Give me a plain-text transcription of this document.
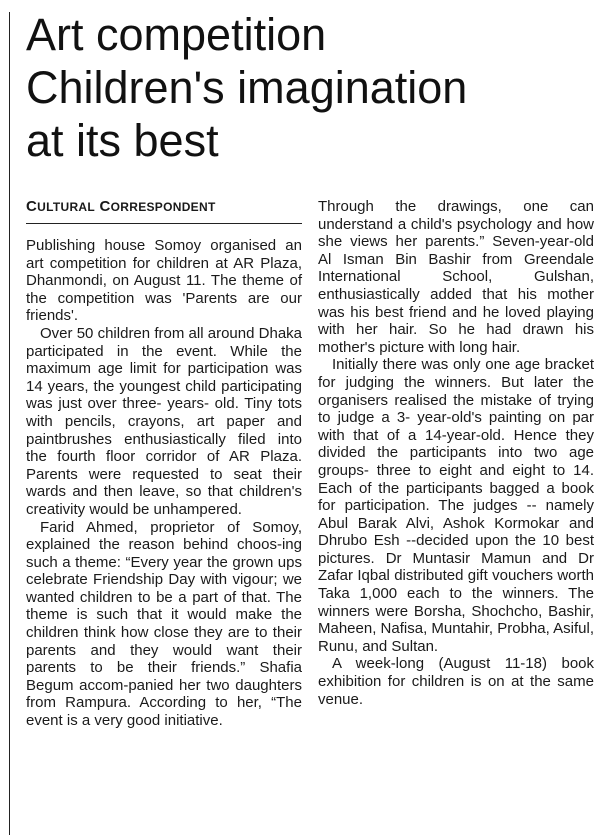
Art competition
Children's imagination
at its best
CULTURAL CORRESPONDENT

Publishing house Somoy organised an art competition for children at AR Plaza, Dhanmondi, on August 11. The theme of the competition was 'Parents are our friends'.

Over 50 children from all around Dhaka participated in the event. While the maximum age limit for participation was 14 years, the youngest child participating was just over three- years- old. Tiny tots with pencils, crayons, art paper and paintbrushes enthusiastically filed into the fourth floor corridor of AR Plaza. Parents were requested to seat their wards and then leave, so that children's creativity would be unhampered.

Farid Ahmed, proprietor of Somoy, explained the reason behind choos-ing such a theme: “Every year the grown ups celebrate Friendship Day with vigour; we wanted children to be a part of that. The theme is such that it would make the children think how close they are to their parents and they would want their parents to be their friends.” Shafia Begum accom-panied her two daughters from Rampura. According to her, “The event is a very good initiative.

Through the drawings, one can understand a child's psychology and how she views her parents.” Seven-year-old Al Isman Bin Bashir from Greendale International School, Gulshan, enthusiastically added that his mother was his best friend and he loved playing with her hair. So he had drawn his mother's picture with long hair.

Initially there was only one age bracket for judging the winners. But later the organisers realised the mistake of trying to judge a 3- year-old's painting on par with that of a 14-year-old. Hence they divided the participants into two age groups- three to eight and eight to 14. Each of the participants bagged a book for participation. The judges -- namely Abul Barak Alvi, Ashok Kormokar and Dhrubo Esh --decided upon the 10 best pictures. Dr Muntasir Mamun and Dr Zafar Iqbal distributed gift vouchers worth Taka 1,000 each to the winners. The winners were Borsha, Shochcho, Bashir, Maheen, Nafisa, Muntahir, Probha, Asiful, Runu, and Sultan.

A week-long (August 11-18) book exhibition for children is on at the same venue.
